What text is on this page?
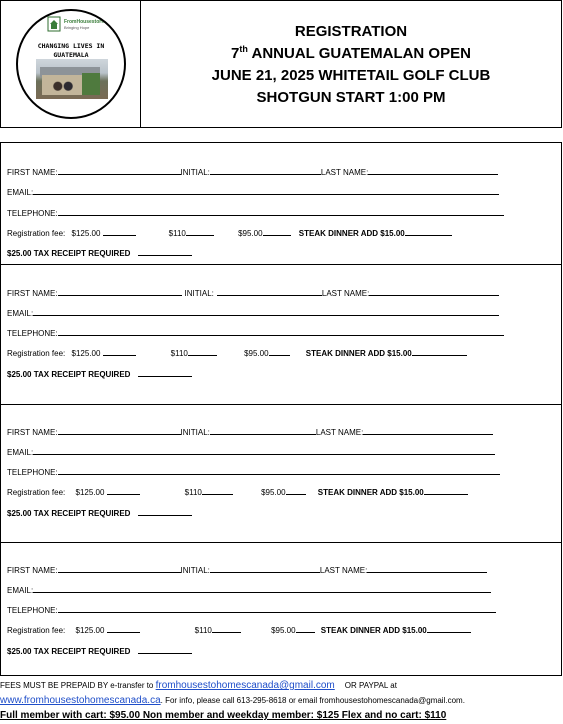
FromHousestoHomes
Bringing Hope
CHANGING LIVES IN
GUATEMALA
REGISTRATION
7th ANNUAL GUATEMALAN OPEN
JUNE 21, 2025 WHITETAIL GOLF CLUB
SHOTGUN START 1:00 PM
FIRST NAME:	INITIAL:	LAST NAME:
EMAIL:
TELEPHONE:
Registration fee: $125.00	$110	$95.00	STEAK DINNER ADD $15.00
$25.00 TAX RECEIPT REQUIRED
FIRST NAME:	INITIAL:	LAST NAME:
EMAIL:
TELEPHONE:
Registration fee: $125.00	$110	$95.00	STEAK DINNER ADD $15.00
$25.00 TAX RECEIPT REQUIRED
FIRST NAME:	INITIAL:	LAST NAME:
EMAIL:
TELEPHONE:
Registration fee: $125.00	$110	$95.00	STEAK DINNER ADD $15.00
$25.00 TAX RECEIPT REQUIRED
FIRST NAME:	INITIAL:	LAST NAME:
EMAIL:
TELEPHONE:
Registration fee: $125.00	$110	$95.00	STEAK DINNER ADD $15.00
$25.00 TAX RECEIPT REQUIRED
FEES MUST BE PREPAID BY e-transfer to fromhousestohomescanada@gmail.com OR PAYPAL at
www.fromhousestohomescanada.ca. For info, please call 613-295-8618 or email fromhousestohomescanada@gmail.com.
Full member with cart: $95.00 Non member and weekday member: $125 Flex and no cart: $110
